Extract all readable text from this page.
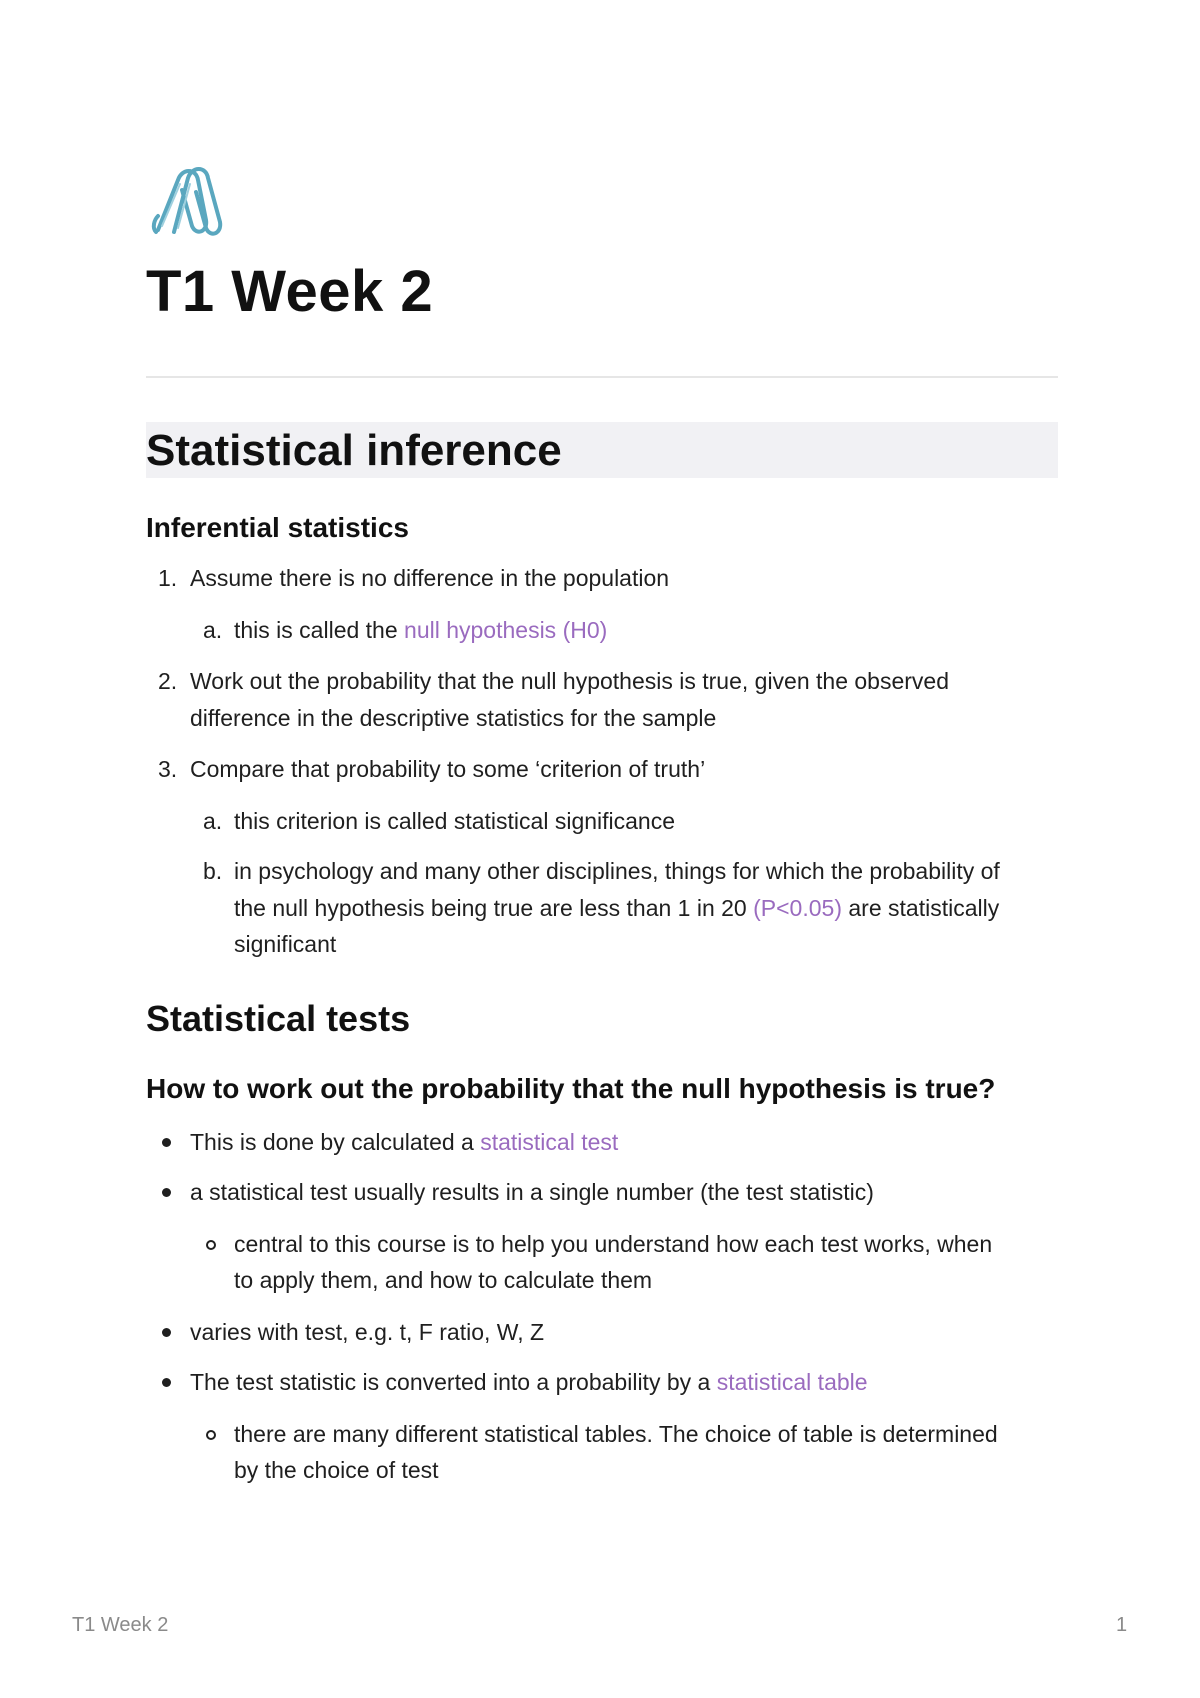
T1 Week 2
Statistical inference
Inferential statistics
1. Assume there is no difference in the population
a. this is called the null hypothesis (H0)
2. Work out the probability that the null hypothesis is true, given the observed
difference in the descriptive statistics for the sample
3. Compare that probability to some ‘criterion of truth’
a. this criterion is called statistical significance
b. in psychology and many other disciplines, things for which the probability of
the null hypothesis being true are less than 1 in 20 (P<0.05) are statistically
significant
Statistical tests
How to work out the probability that the null hypothesis is true?
This is done by calculated a statistical test
a statistical test usually results in a single number (the test statistic)
central to this course is to help you understand how each test works, when
to apply them, and how to calculate them
varies with test, e.g. t, F ratio, W, Z
The test statistic is converted into a probability by a statistical table
there are many different statistical tables. The choice of table is determined
by the choice of test
T1 Week 2	1
